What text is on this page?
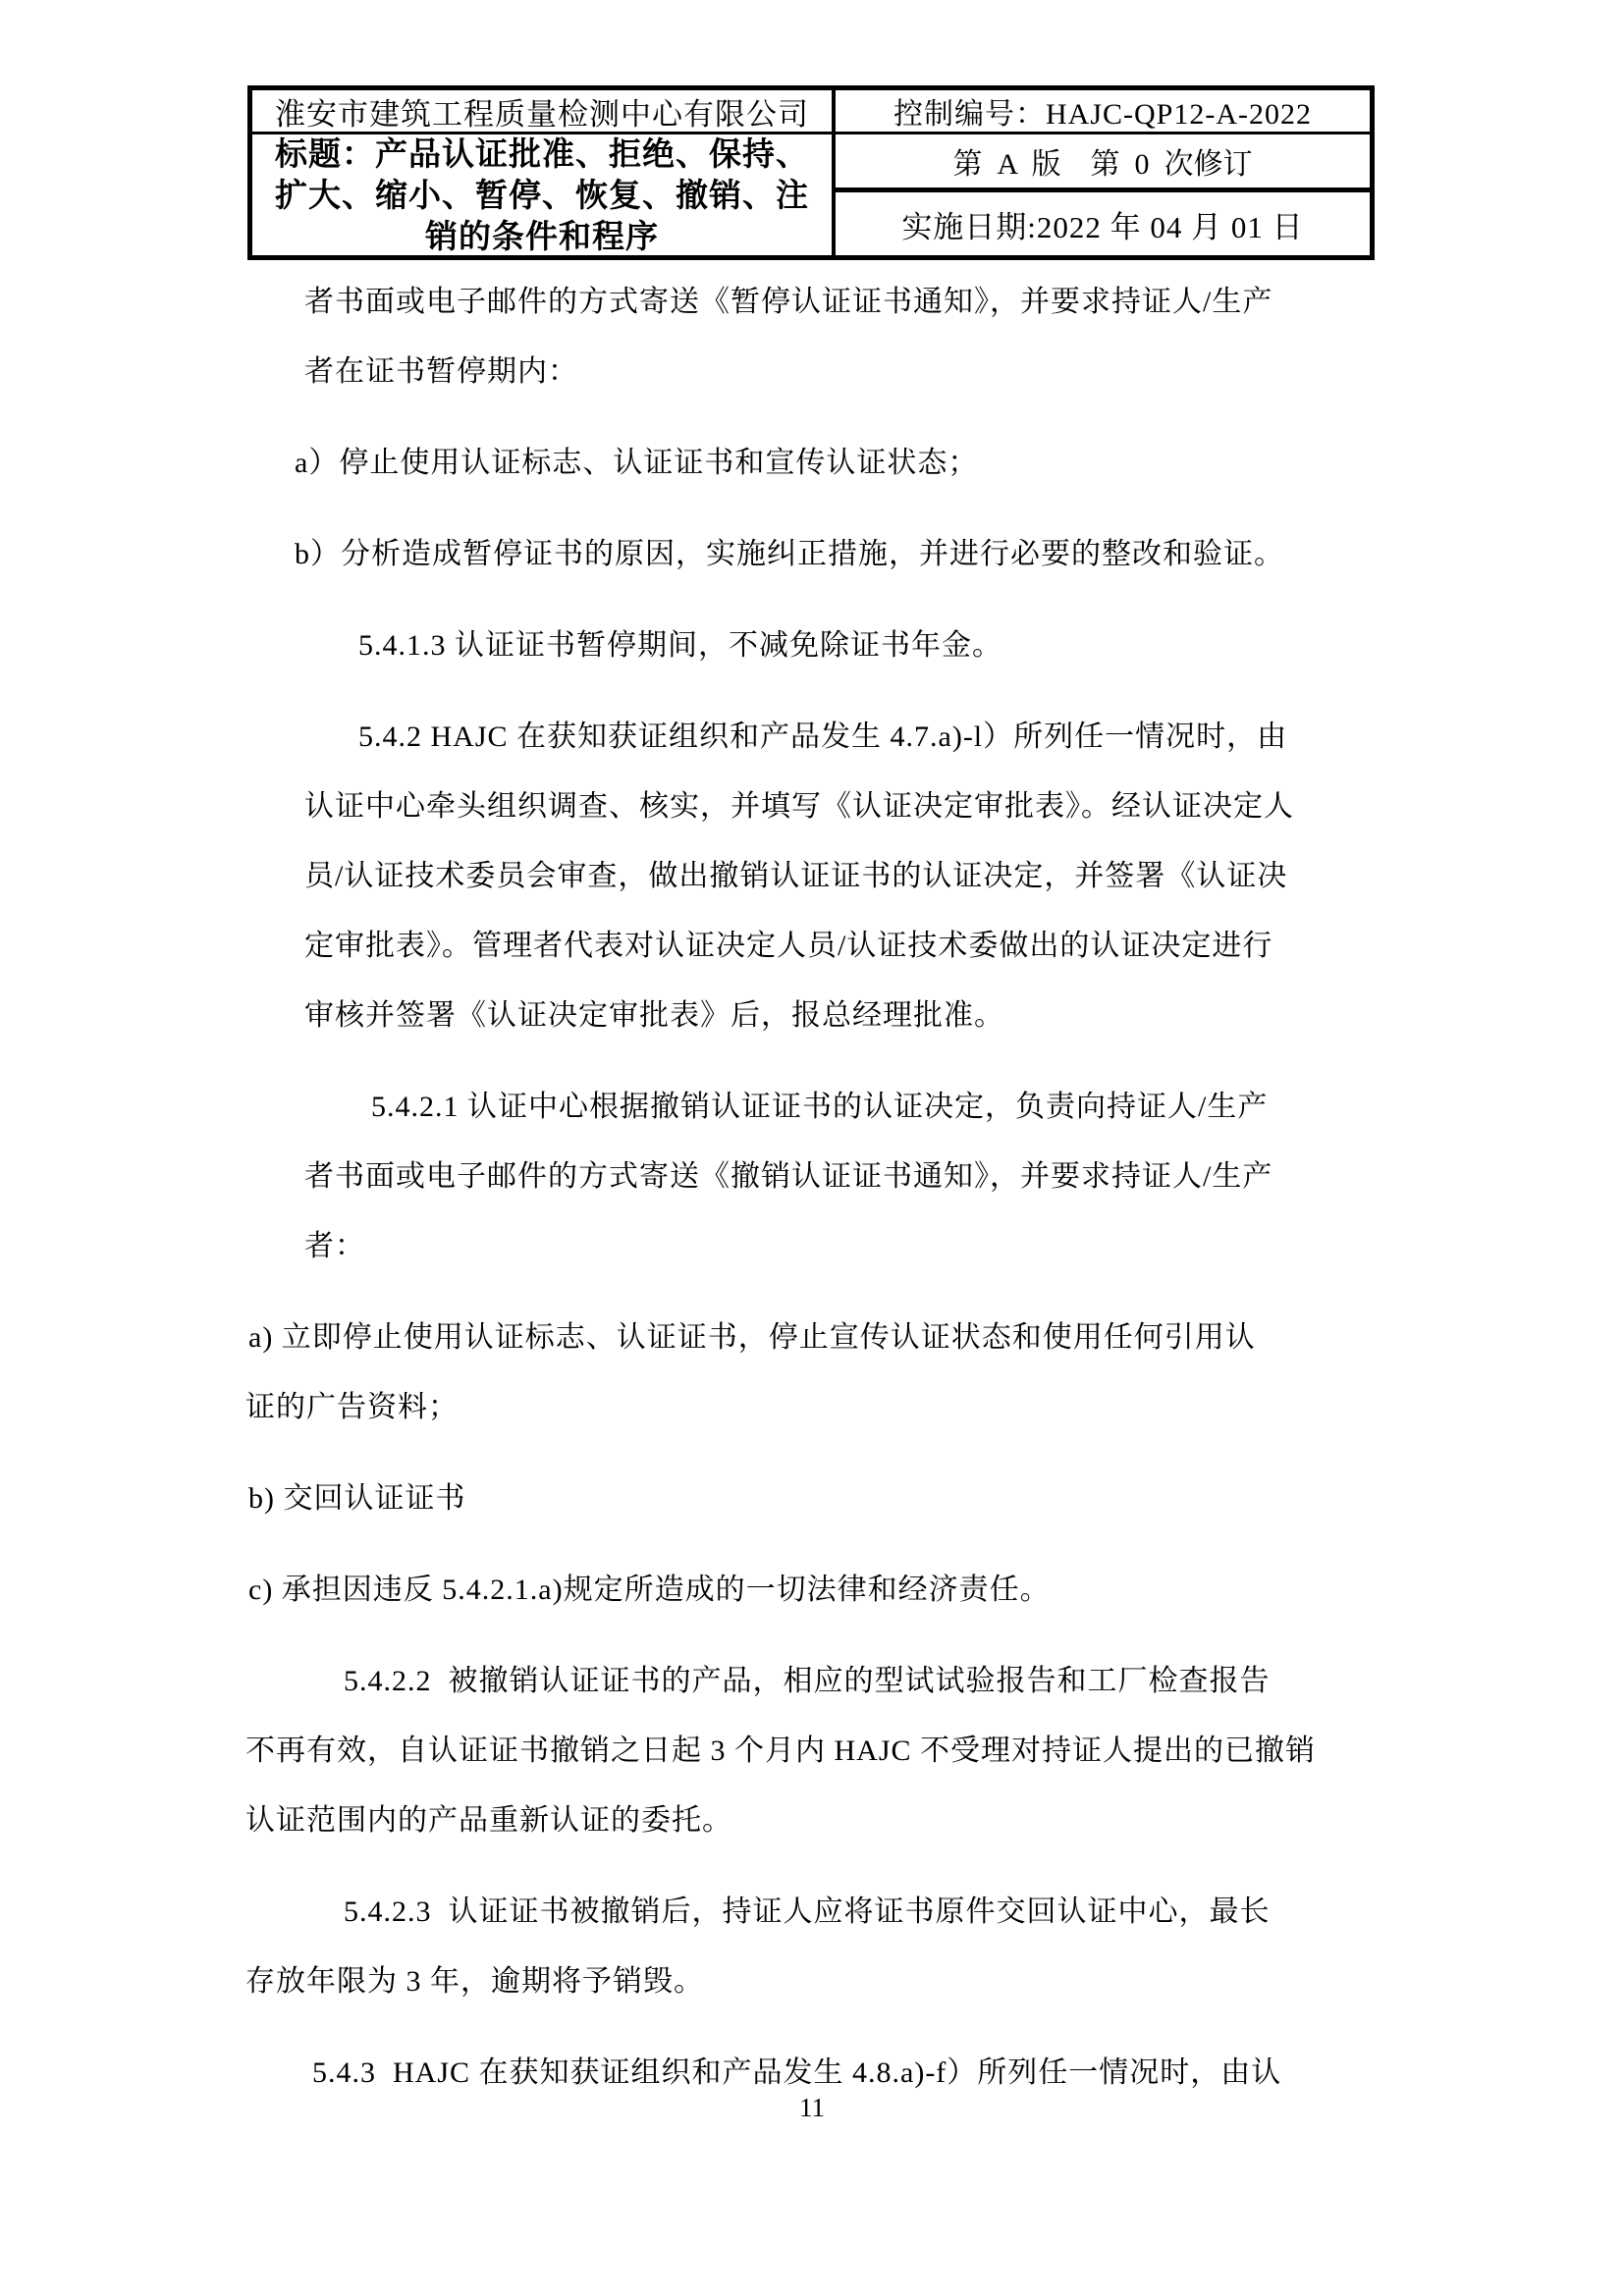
淮安市建筑工程质量检测中心有限公司
标题：产品认证批准、拒绝、保持、扩大、缩小、暂停、恢复、撤销、注销的条件和程序
控制编号：HAJC-QP12-A-2022
第  A  版    第  0  次修订
实施日期:2022 年 04 月 01 日
者书面或电子邮件的方式寄送《暂停认证证书通知》，并要求持证人/生产
者在证书暂停期内：
a）停止使用认证标志、认证证书和宣传认证状态；
b）分析造成暂停证书的原因，实施纠正措施，并进行必要的整改和验证。
5.4.1.3 认证证书暂停期间，不减免除证书年金。
5.4.2 HAJC 在获知获证组织和产品发生 4.7.a)-l）所列任一情况时，由
认证中心牵头组织调查、核实，并填写《认证决定审批表》。经认证决定人
员/认证技术委员会审查，做出撤销认证证书的认证决定，并签署《认证决
定审批表》。管理者代表对认证决定人员/认证技术委做出的认证决定进行
审核并签署《认证决定审批表》后，报总经理批准。
5.4.2.1 认证中心根据撤销认证证书的认证决定，负责向持证人/生产
者书面或电子邮件的方式寄送《撤销认证证书通知》，并要求持证人/生产
者：
a) 立即停止使用认证标志、认证证书，停止宣传认证状态和使用任何引用认
证的广告资料；
b) 交回认证证书
c) 承担因违反 5.4.2.1.a)规定所造成的一切法律和经济责任。
5.4.2.2  被撤销认证证书的产品，相应的型试试验报告和工厂检查报告
不再有效，自认证证书撤销之日起 3 个月内 HAJC 不受理对持证人提出的已撤销
认证范围内的产品重新认证的委托。
5.4.2.3  认证证书被撤销后，持证人应将证书原件交回认证中心，最长
存放年限为 3 年，逾期将予销毁。
5.4.3  HAJC 在获知获证组织和产品发生 4.8.a)-f）所列任一情况时，由认
11
